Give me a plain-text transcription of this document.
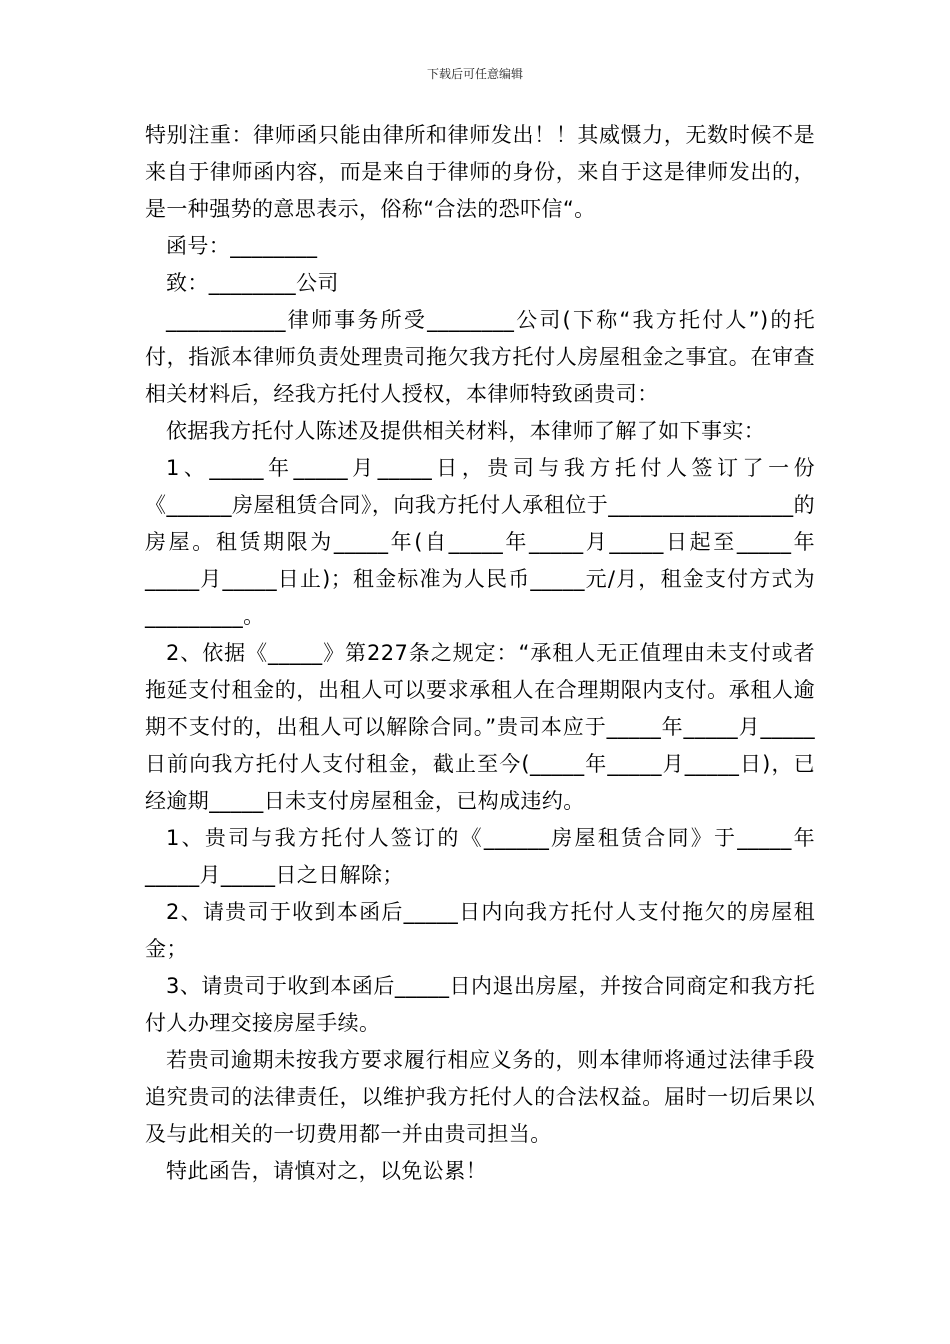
下载后可任意编辑

特别注重：律师函只能由律所和律师发出！！其威慑力，无数时候不是来自于律师函内容，而是来自于律师的身份，来自于这是律师发出的，是一种强势的意思表示，俗称“合法的恐吓信“。

函号：________

致：________公司

___________律师事务所受________公司(下称“我方托付人”)的托付，指派本律师负责处理贵司拖欠我方托付人房屋租金之事宜。在审查相关材料后，经我方托付人授权，本律师特致函贵司：

依据我方托付人陈述及提供相关材料，本律师了解了如下事实：

1、_____年_____月_____日，贵司与我方托付人签订了一份《______房屋租赁合同》，向我方托付人承租位于_________________的房屋。租赁期限为_____年(自_____年_____月_____日起至_____年_____月_____日止)；租金标准为人民币_____元/月，租金支付方式为_________。

2、依据《_____》第227条之规定：“承租人无正值理由未支付或者拖延支付租金的，出租人可以要求承租人在合理期限内支付。承租人逾期不支付的，出租人可以解除合同。”贵司本应于_____年_____月_____日前向我方托付人支付租金，截止至今(_____年_____月_____日)，已经逾期_____日未支付房屋租金，已构成违约。

1、贵司与我方托付人签订的《______房屋租赁合同》于_____年_____月_____日之日解除；

2、请贵司于收到本函后_____日内向我方托付人支付拖欠的房屋租金；

3、请贵司于收到本函后_____日内退出房屋，并按合同商定和我方托付人办理交接房屋手续。

若贵司逾期未按我方要求履行相应义务的，则本律师将通过法律手段追究贵司的法律责任，以维护我方托付人的合法权益。届时一切后果以及与此相关的一切费用都一并由贵司担当。

特此函告，请慎对之，以免讼累！
